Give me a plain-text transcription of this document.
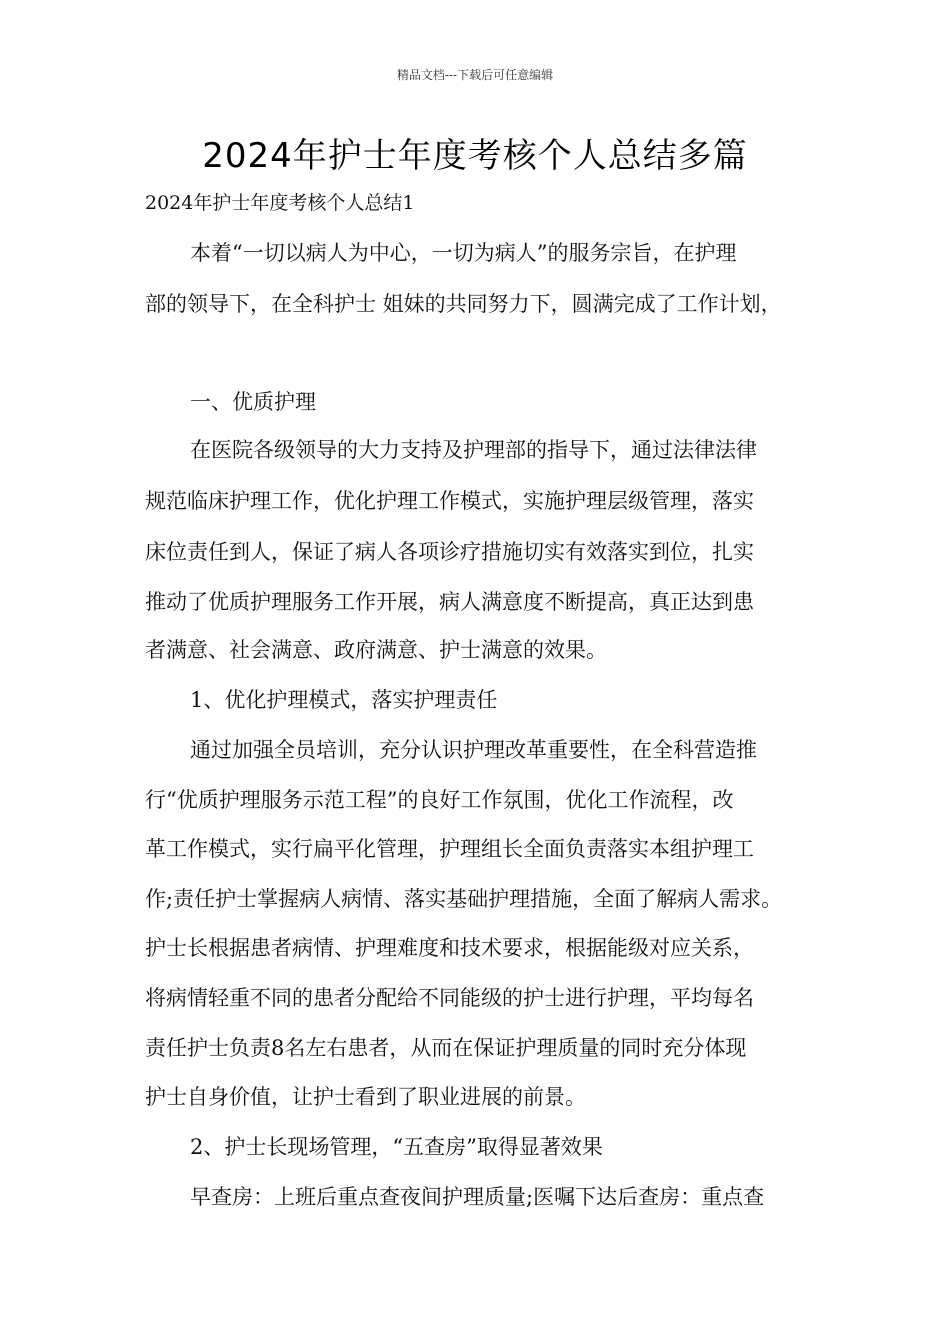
精品文档---下载后可任意编辑
2024年护士年度考核个人总结多篇
2024年护士年度考核个人总结1
本着“一切以病人为中心，一切为病人”的服务宗旨，在护理
部的领导下，在全科护士 姐妹的共同努力下，圆满完成了工作计划，
一、优质护理
在医院各级领导的大力支持及护理部的指导下，通过法律法律
规范临床护理工作，优化护理工作模式，实施护理层级管理，落实
床位责任到人，保证了病人各项诊疗措施切实有效落实到位，扎实
推动了优质护理服务工作开展，病人满意度不断提高，真正达到患
者满意、社会满意、政府满意、护士满意的效果。
1、优化护理模式，落实护理责任
通过加强全员培训，充分认识护理改革重要性，在全科营造推
行“优质护理服务示范工程”的良好工作氛围，优化工作流程，改
革工作模式，实行扁平化管理，护理组长全面负责落实本组护理工
作;责任护士掌握病人病情、落实基础护理措施，全面了解病人需求。
护士长根据患者病情、护理难度和技术要求，根据能级对应关系，
将病情轻重不同的患者分配给不同能级的护士进行护理，平均每名
责任护士负责8名左右患者，从而在保证护理质量的同时充分体现
护士自身价值，让护士看到了职业进展的前景。
2、护士长现场管理，“五查房”取得显著效果
早查房：上班后重点查夜间护理质量;医嘱下达后查房：重点查
